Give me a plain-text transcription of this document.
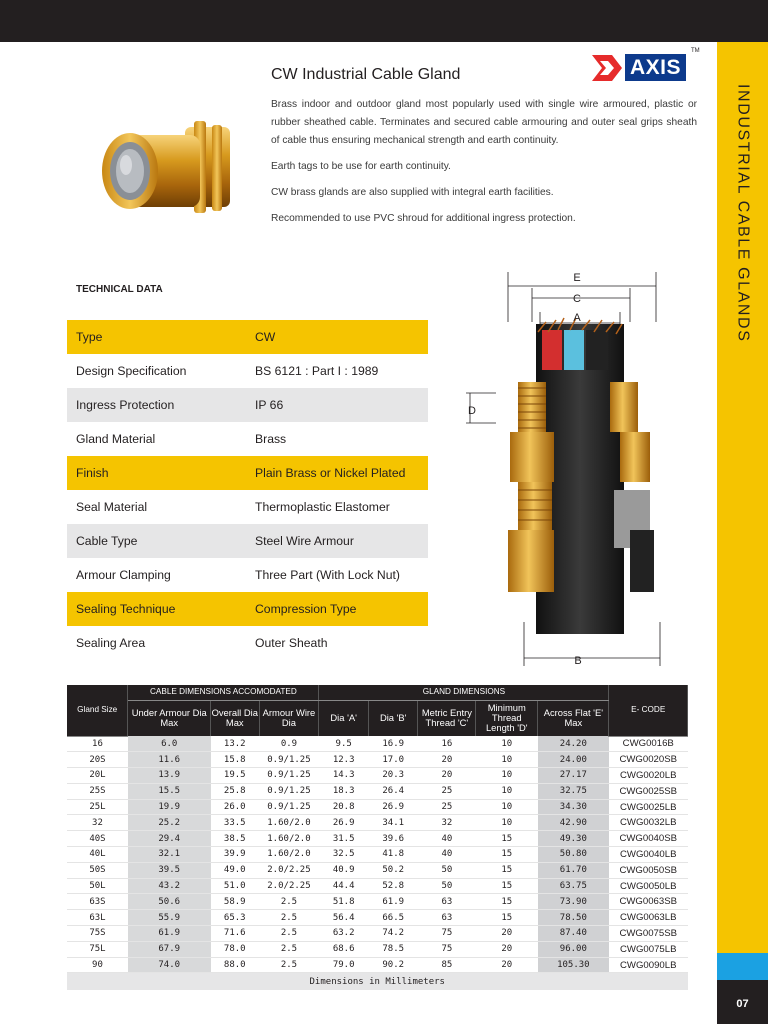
INDUSTRIAL CABLE GLANDS
07
AXIS
TM
CW Industrial Cable Gland
Brass indoor and outdoor gland most popularly used with single wire armoured, plastic or rubber sheathed cable. Terminates and secured cable armouring and outer seal grips sheath of cable thus ensuring mechanical strength and earth continuity.
Earth tags to be use for earth continuity.
CW brass glands are also supplied with integral earth facilities.
Recommended to use PVC shroud for additional ingress protection.
TECHNICAL DATA
Type	CW
Design Specification	BS 6121 : Part I : 1989
Ingress Protection	IP 66
Gland Material	Brass
Finish	Plain Brass or Nickel Plated
Seal Material	Thermoplastic Elastomer
Cable Type	Steel Wire Armour
Armour Clamping	Three Part (With Lock Nut)
Sealing Technique	Compression Type
Sealing Area	Outer Sheath
E
C
A
D
B
Gland Size	CABLE DIMENSIONS ACCOMODATED			GLAND DIMENSIONS					E- CODE
	Under Armour Dia Max	Overall Dia Max	Armour Wire Dia	Dia 'A'	Dia 'B'	Metric Entry Thread 'C'	Minimum Thread Length 'D'	Across Flat 'E' Max	
16	6.0	13.2	0.9	9.5	16.9	16	10	24.20	CWG0016B
20S	11.6	15.8	0.9/1.25	12.3	17.0	20	10	24.00	CWG0020SB
20L	13.9	19.5	0.9/1.25	14.3	20.3	20	10	27.17	CWG0020LB
25S	15.5	25.8	0.9/1.25	18.3	26.4	25	10	32.75	CWG0025SB
25L	19.9	26.0	0.9/1.25	20.8	26.9	25	10	34.30	CWG0025LB
32	25.2	33.5	1.60/2.0	26.9	34.1	32	10	42.90	CWG0032LB
40S	29.4	38.5	1.60/2.0	31.5	39.6	40	15	49.30	CWG0040SB
40L	32.1	39.9	1.60/2.0	32.5	41.8	40	15	50.80	CWG0040LB
50S	39.5	49.0	2.0/2.25	40.9	50.2	50	15	61.70	CWG0050SB
50L	43.2	51.0	2.0/2.25	44.4	52.8	50	15	63.75	CWG0050LB
63S	50.6	58.9	2.5	51.8	61.9	63	15	73.90	CWG0063SB
63L	55.9	65.3	2.5	56.4	66.5	63	15	78.50	CWG0063LB
75S	61.9	71.6	2.5	63.2	74.2	75	20	87.40	CWG0075SB
75L	67.9	78.0	2.5	68.6	78.5	75	20	96.00	CWG0075LB
90	74.0	88.0	2.5	79.0	90.2	85	20	105.30	CWG0090LB
Dimensions in Millimeters									
